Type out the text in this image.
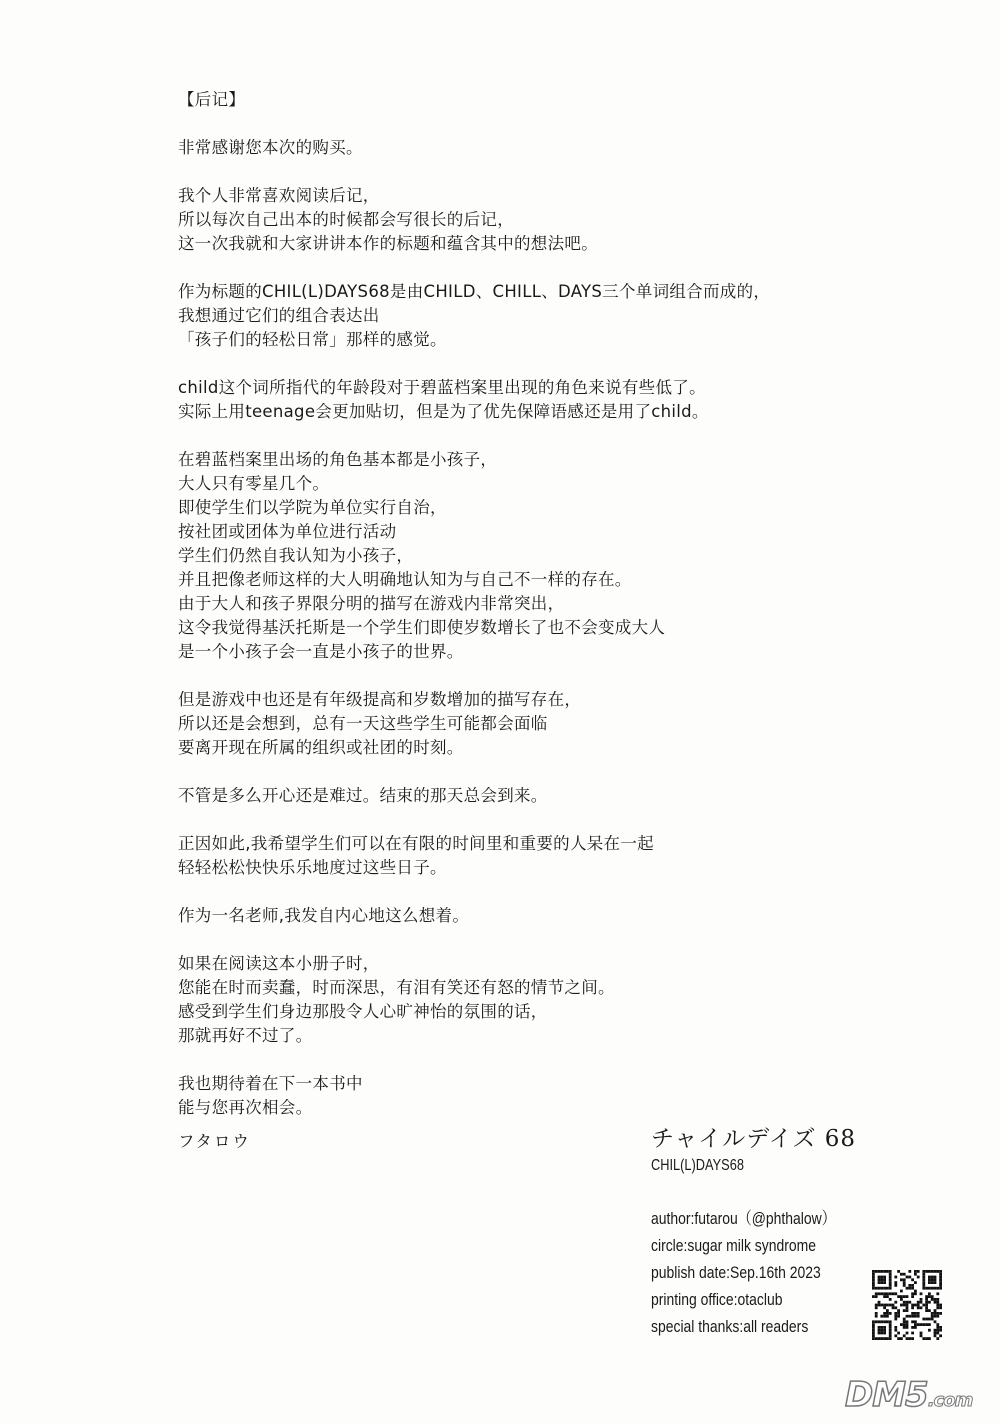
【后记】
非常感谢您本次的购买。
我个人非常喜欢阅读后记，
所以每次自己出本的时候都会写很长的后记，
这一次我就和大家讲讲本作的标题和蕴含其中的想法吧。
作为标题的CHIL(L)DAYS68是由CHILD、CHILL、DAYS三个单词组合而成的，
我想通过它们的组合表达出
「孩子们的轻松日常」那样的感觉。
child这个词所指代的年龄段对于碧蓝档案里出现的角色来说有些低了。
实际上用teenage会更加贴切，但是为了优先保障语感还是用了child。
在碧蓝档案里出场的角色基本都是小孩子，
大人只有零星几个。
即使学生们以学院为单位实行自治，
按社团或团体为单位进行活动
学生们仍然自我认知为小孩子，
并且把像老师这样的大人明确地认知为与自己不一样的存在。
由于大人和孩子界限分明的描写在游戏内非常突出，
这令我觉得基沃托斯是一个学生们即使岁数增长了也不会变成大人
是一个小孩子会一直是小孩子的世界。
但是游戏中也还是有年级提高和岁数增加的描写存在，
所以还是会想到，总有一天这些学生可能都会面临
要离开现在所属的组织或社团的时刻。
不管是多么开心还是难过。结束的那天总会到来。
正因如此,我希望学生们可以在有限的时间里和重要的人呆在一起
轻轻松松快快乐乐地度过这些日子。
作为一名老师,我发自内心地这么想着。
如果在阅读这本小册子时，
您能在时而卖蠢，时而深思，有泪有笑还有怒的情节之间。
感受到学生们身边那股令人心旷神怡的氛围的话，
那就再好不过了。
我也期待着在下一本书中
能与您再次相会。
フタロウ	チャイルデイズ 68
CHIL(L)DAYS68
author:futarou（@phthalow）
circle:sugar milk syndrome
publish date:Sep.16th 2023
printing office:otaclub
special thanks:all readers
DM5.com
